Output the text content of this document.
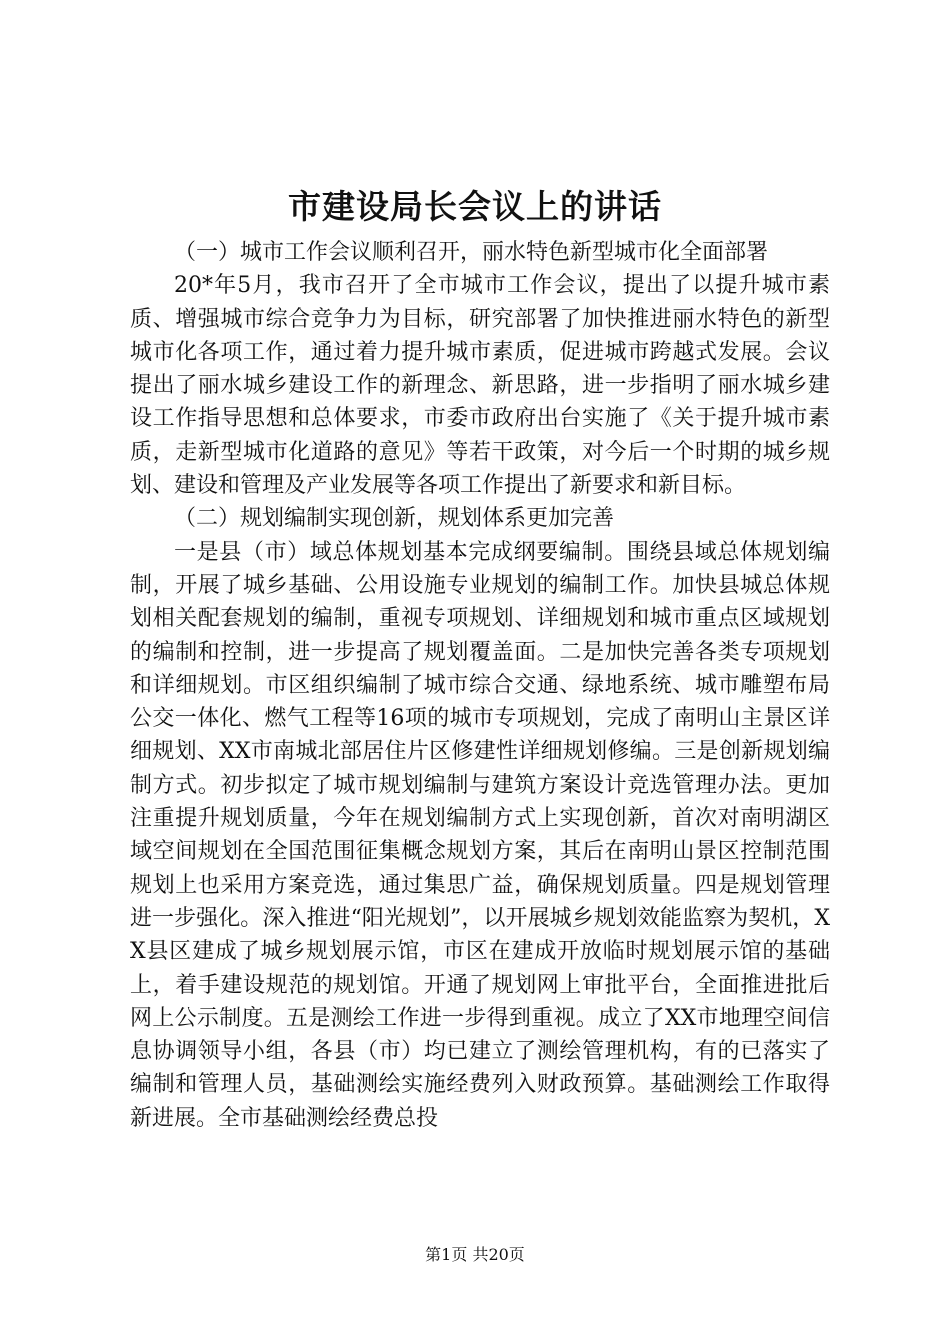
市建设局长会议上的讲话

（一）城市工作会议顺利召开，丽水特色新型城市化全面部署

20*年5月，我市召开了全市城市工作会议，提出了以提升城市素质、增强城市综合竞争力为目标，研究部署了加快推进丽水特色的新型城市化各项工作，通过着力提升城市素质，促进城市跨越式发展。会议提出了丽水城乡建设工作的新理念、新思路，进一步指明了丽水城乡建设工作指导思想和总体要求，市委市政府出台实施了《关于提升城市素质，走新型城市化道路的意见》等若干政策，对今后一个时期的城乡规划、建设和管理及产业发展等各项工作提出了新要求和新目标。

（二）规划编制实现创新，规划体系更加完善

一是县（市）域总体规划基本完成纲要编制。围绕县域总体规划编制，开展了城乡基础、公用设施专业规划的编制工作。加快县城总体规划相关配套规划的编制，重视专项规划、详细规划和城市重点区域规划的编制和控制，进一步提高了规划覆盖面。二是加快完善各类专项规划和详细规划。市区组织编制了城市综合交通、绿地系统、城市雕塑布局公交一体化、燃气工程等16项的城市专项规划，完成了南明山主景区详细规划、XX市南城北部居住片区修建性详细规划修编。三是创新规划编制方式。初步拟定了城市规划编制与建筑方案设计竞选管理办法。更加注重提升规划质量，今年在规划编制方式上实现创新，首次对南明湖区域空间规划在全国范围征集概念规划方案，其后在南明山景区控制范围规划上也采用方案竞选，通过集思广益，确保规划质量。四是规划管理进一步强化。深入推进“阳光规划”，以开展城乡规划效能监察为契机，XX县区建成了城乡规划展示馆，市区在建成开放临时规划展示馆的基础上，着手建设规范的规划馆。开通了规划网上审批平台，全面推进批后网上公示制度。五是测绘工作进一步得到重视。成立了XX市地理空间信息协调领导小组，各县（市）均已建立了测绘管理机构，有的已落实了编制和管理人员，基础测绘实施经费列入财政预算。基础测绘工作取得新进展。全市基础测绘经费总投

第1页 共20页
